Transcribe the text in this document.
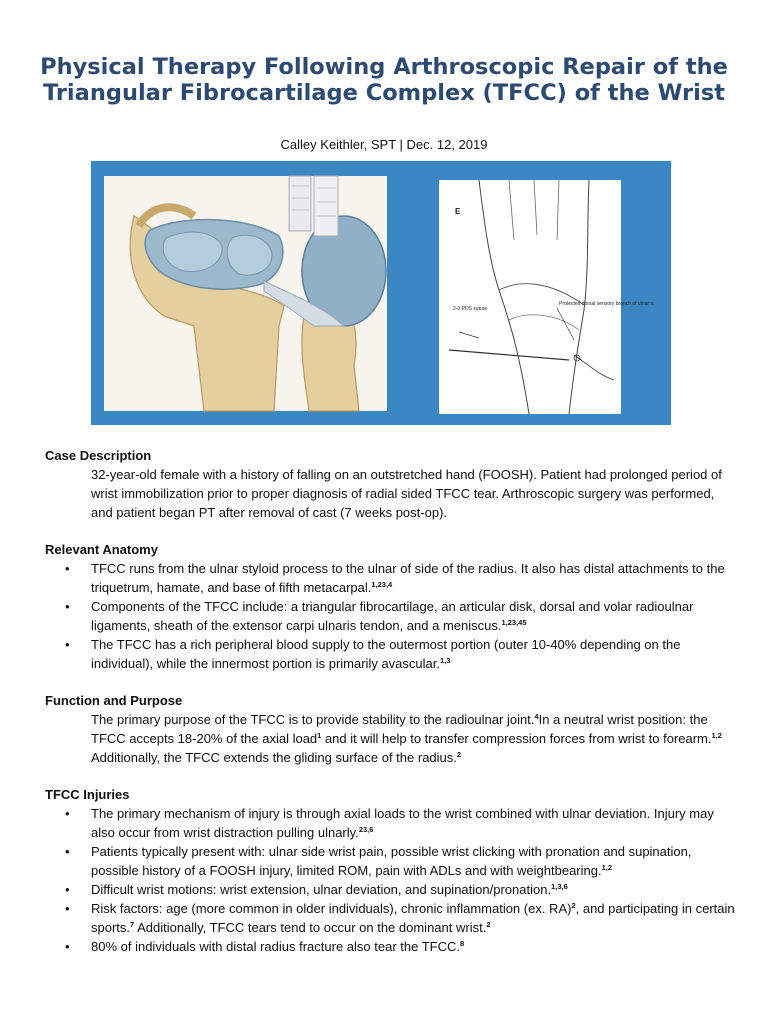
Physical Therapy Following Arthroscopic Repair of the Triangular Fibrocartilage Complex (TFCC) of the Wrist
Calley Keithler, SPT | Dec. 12, 2019
E
2-0 PDS suture
Protected dorsal sensory branch of ulnar n.

Case Description

32-year-old female with a history of falling on an outstretched hand (FOOSH). Patient had prolonged period of wrist immobilization prior to proper diagnosis of radial sided TFCC tear. Arthroscopic surgery was performed, and patient began PT after removal of cast (7 weeks post-op).

Relevant Anatomy

• TFCC runs from the ulnar styloid process to the ulnar of side of the radius. It also has distal attachments to the triquetrum, hamate, and base of fifth metacarpal.$^{1,23,4}$
• Components of the TFCC include: a triangular fibrocartilage, an articular disk, dorsal and volar radioulnar ligaments, sheath of the extensor carpi ulnaris tendon, and a meniscus.$^{1,23,45}$
• The TFCC has a rich peripheral blood supply to the outermost portion (outer 10-40% depending on the individual), while the innermost portion is primarily avascular.$^{1,3}$

Function and Purpose

The primary purpose of the TFCC is to provide stability to the radioulnar joint.$^4$In a neutral wrist position: the TFCC accepts 18-20% of the axial load$^1$ and it will help to transfer compression forces from wrist to forearm.$^{1,2}$ Additionally, the TFCC extends the gliding surface of the radius.$^2$

TFCC Injuries

• The primary mechanism of injury is through axial loads to the wrist combined with ulnar deviation. Injury may also occur from wrist distraction pulling ulnarly.$^{23,6}$
• Patients typically present with: ulnar side wrist pain, possible wrist clicking with pronation and supination, possible history of a FOOSH injury, limited ROM, pain with ADLs and with weightbearing.$^{1,2}$
• Difficult wrist motions: wrist extension, ulnar deviation, and supination/pronation.$^{1,3,6}$
• Risk factors: age (more common in older individuals), chronic inflammation (ex. RA)$^2$, and participating in certain sports.$^7$ Additionally, TFCC tears tend to occur on the dominant wrist.$^2$
• 80% of individuals with distal radius fracture also tear the TFCC.$^8$
